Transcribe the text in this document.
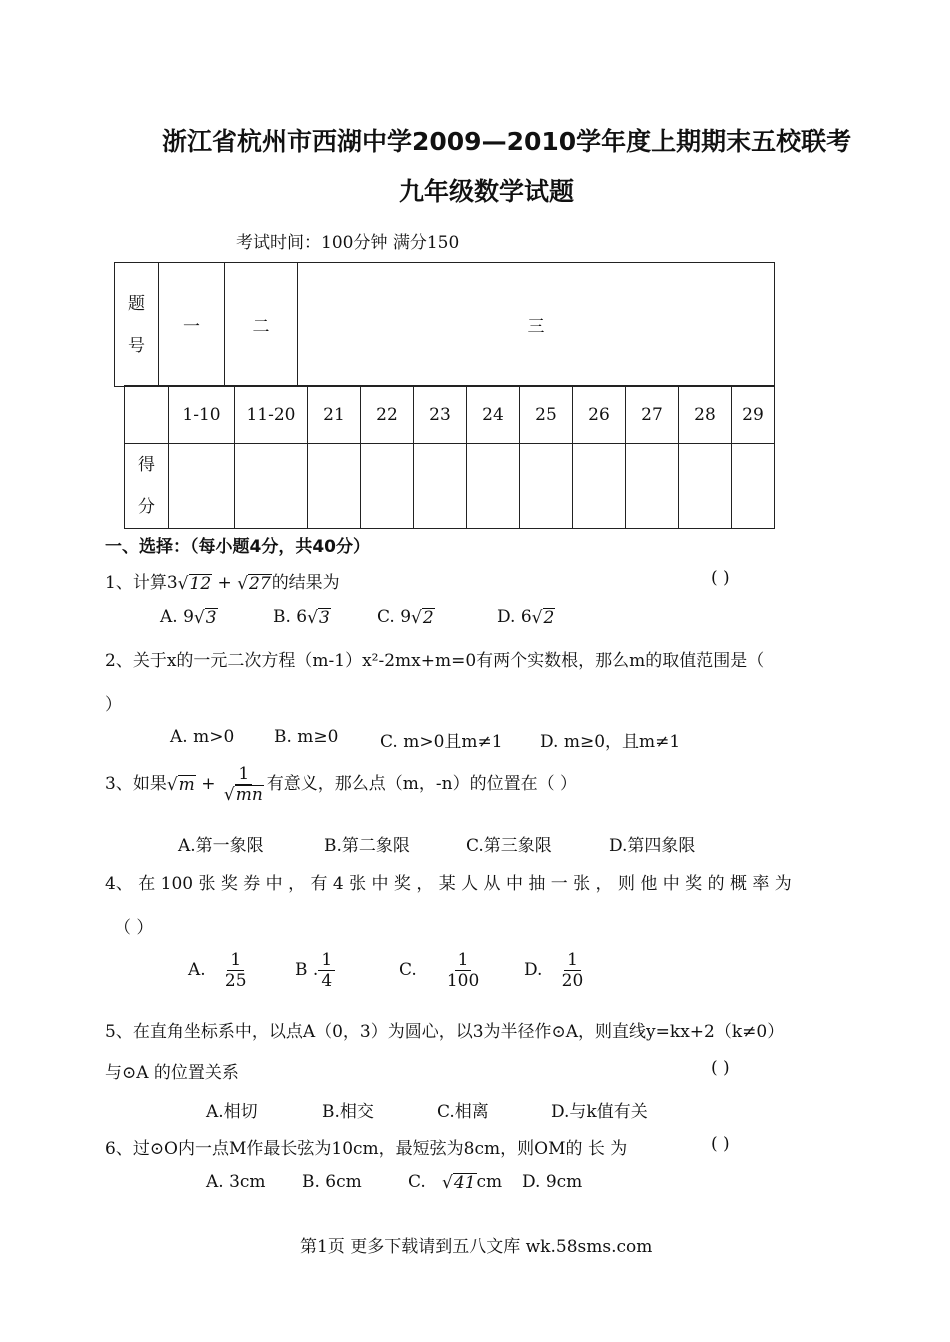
浙江省杭州市西湖中学2009—2010学年度上期期末五校联考
九年级数学试题
考试时间：100分钟 满分150
题
号
	一	二	三
	1-10	11-20	21	22	23	24	25	26	27	28	29

得
分											

一、选择：（每小题4分，共40分）
1、计算3√12 + √27的结果为	( )
A. 9√3	B. 6√3	C. 9√2	D. 6√2
2、关于x的一元二次方程（m-1）x²-2mx+m=0有两个实数根，那么m的取值范围是（
）
A. m>0 B. m≥0 C. m>0且m≠1 D. m≥0，且m≠1
3、如果$√m + \frac{1}{√mn}$ 有意义，那么点（m，-n）的位置在（ ）
A.第一象限	B.第二象限	C.第三象限	D.第四象限
4、 在 100 张 奖 券 中 ， 有 4 张 中 奖 ， 某 人 从 中 抽 一 张 ， 则 他 中 奖 的 概 率 为
（ ）
A. $\frac{1}{25}$	B . $\frac{1}{4}$	C. $\frac{1}{100} D$. $\frac{1}{20}$
5、在直角坐标系中，以点A（0，3）为圆心，以3为半径作⊙A，则直线y=kx+2（k≠0）
与⊙A 的位置关系	( )
A.相切	B.相交	C.相离	D.与k值有关
6、过⊙O内一点M作最长弦为10cm，最短弦为8cm，则OM的 长 为	( )
A. 3cm B. 6cm	C. √41cm D. 9cm
第1页 更多下载请到五八文库 wk.58sms.com
